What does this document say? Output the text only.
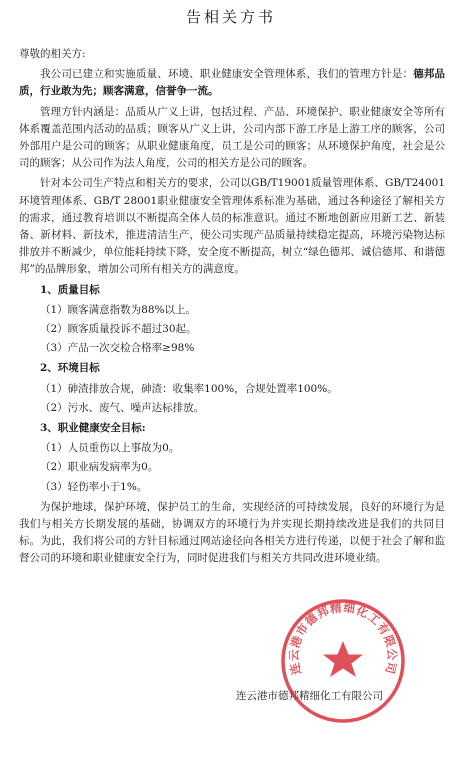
告相关方书

尊敬的相关方:

我公司已建立和实施质量、环境、职业健康安全管理体系，我们的管理方针是：德邦品质，行业敢为先；顾客满意，信誉争一流。

管理方针内涵是：品质从广义上讲，包括过程、产品、环境保护、职业健康安全等所有体系覆盖范围内活动的品质；顾客从广义上讲，公司内部下游工序是上游工序的顾客，公司外部用户是公司的顾客；从职业健康角度，员工是公司的顾客；从环境保护角度，社会是公司的顾客；从公司作为法人角度，公司的相关方是公司的顾客。

针对本公司生产特点和相关方的要求，公司以GB/T19001质量管理体系、GB/T24001环境管理体系、GB/T 28001职业健康安全管理体系标准为基础，通过各种途径了解相关方的需求，通过教育培训以不断提高全体人员的标准意识。通过不断地创新应用新工艺、新装备、新材料、新技术，推进清洁生产，使公司实现产品质量持续稳定提高，环境污染物达标排放并不断减少，单位能耗持续下降，安全度不断提高，树立“绿色德邦、诚信德邦、和谐德邦”的品牌形象，增加公司所有相关方的满意度。

1、质量目标

（1）顾客满意指数为88%以上。

（2）顾客质量投诉不超过30起。

（3）产品一次交检合格率≥98%

2、环境目标

（1）砷渣排放合规，砷渣：收集率100%，合规处置率100%。

（2）污水、废气、噪声达标排放。

3、职业健康安全目标:

（1）人员重伤以上事故为0。

（2）职业病发病率为0。

（3）轻伤率小于1%。

为保护地球，保护环境，保护员工的生命，实现经济的可持续发展，良好的环境行为是我们与相关方长期发展的基础，协调双方的环境行为并实现长期持续改进是我们的共同目标。为此，我们将公司的方针目标通过网站途径向各相关方进行传递，以便于社会了解和监督公司的环境和职业健康安全行为，同时促进我们与相关方共同改进环境业绩。

连云港市德邦精细化工有限公司
连云港市德邦精细化工有限公司
